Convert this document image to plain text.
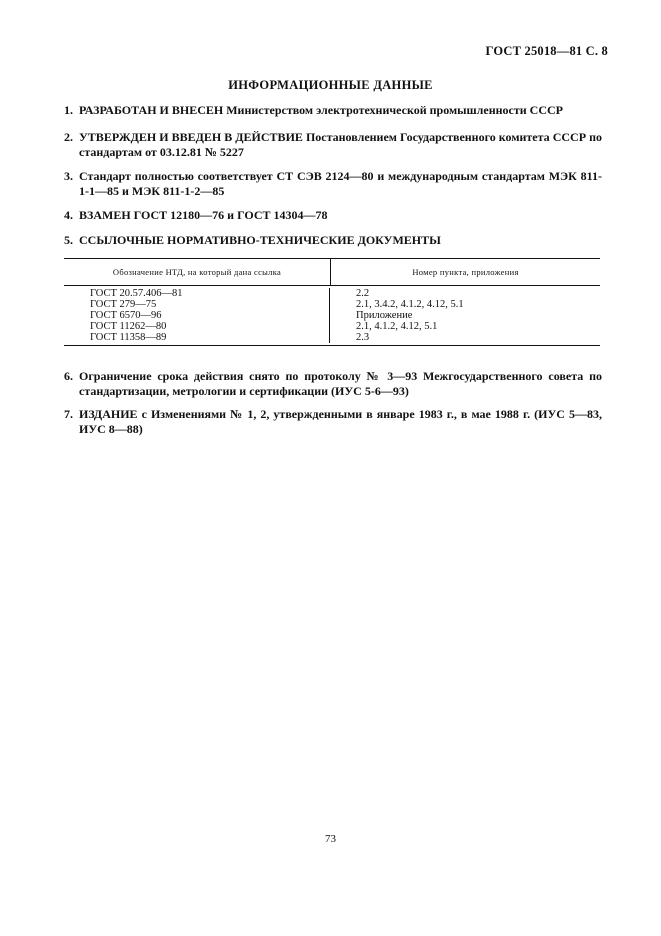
ГОСТ 25018—81 С. 8
ИНФОРМАЦИОННЫЕ ДАННЫЕ
1. РАЗРАБОТАН И ВНЕСЕН Министерством электротехнической промышленности СССР
2. УТВЕРЖДЕН И ВВЕДЕН В ДЕЙСТВИЕ Постановлением Государственного комитета СССР по стандартам от 03.12.81 № 5227
3. Стандарт полностью соответствует СТ СЭВ 2124—80 и международным стандартам МЭК 811-1-1—85 и МЭК 811-1-2—85
4. ВЗАМЕН ГОСТ 12180—76 и ГОСТ 14304—78
5. ССЫЛОЧНЫЕ НОРМАТИВНО-ТЕХНИЧЕСКИЕ ДОКУМЕНТЫ
Обозначение НТД, на который дана ссылка	Номер пункта, приложения
ГОСТ 20.57.406—81
ГОСТ 279—75
ГОСТ 6570—96
ГОСТ 11262—80
ГОСТ 11358—89
2.2
2.1, 3.4.2, 4.1.2, 4.12, 5.1
Приложение
2.1, 4.1.2, 4.12, 5.1
2.3
6. Ограничение срока действия снято по протоколу № 3—93 Межгосударственного совета по стандартизации, метрологии и сертификации (ИУС 5-6—93)
7. ИЗДАНИЕ с Изменениями № 1, 2, утвержденными в январе 1983 г., в мае 1988 г. (ИУС 5—83, ИУС 8—88)
73
